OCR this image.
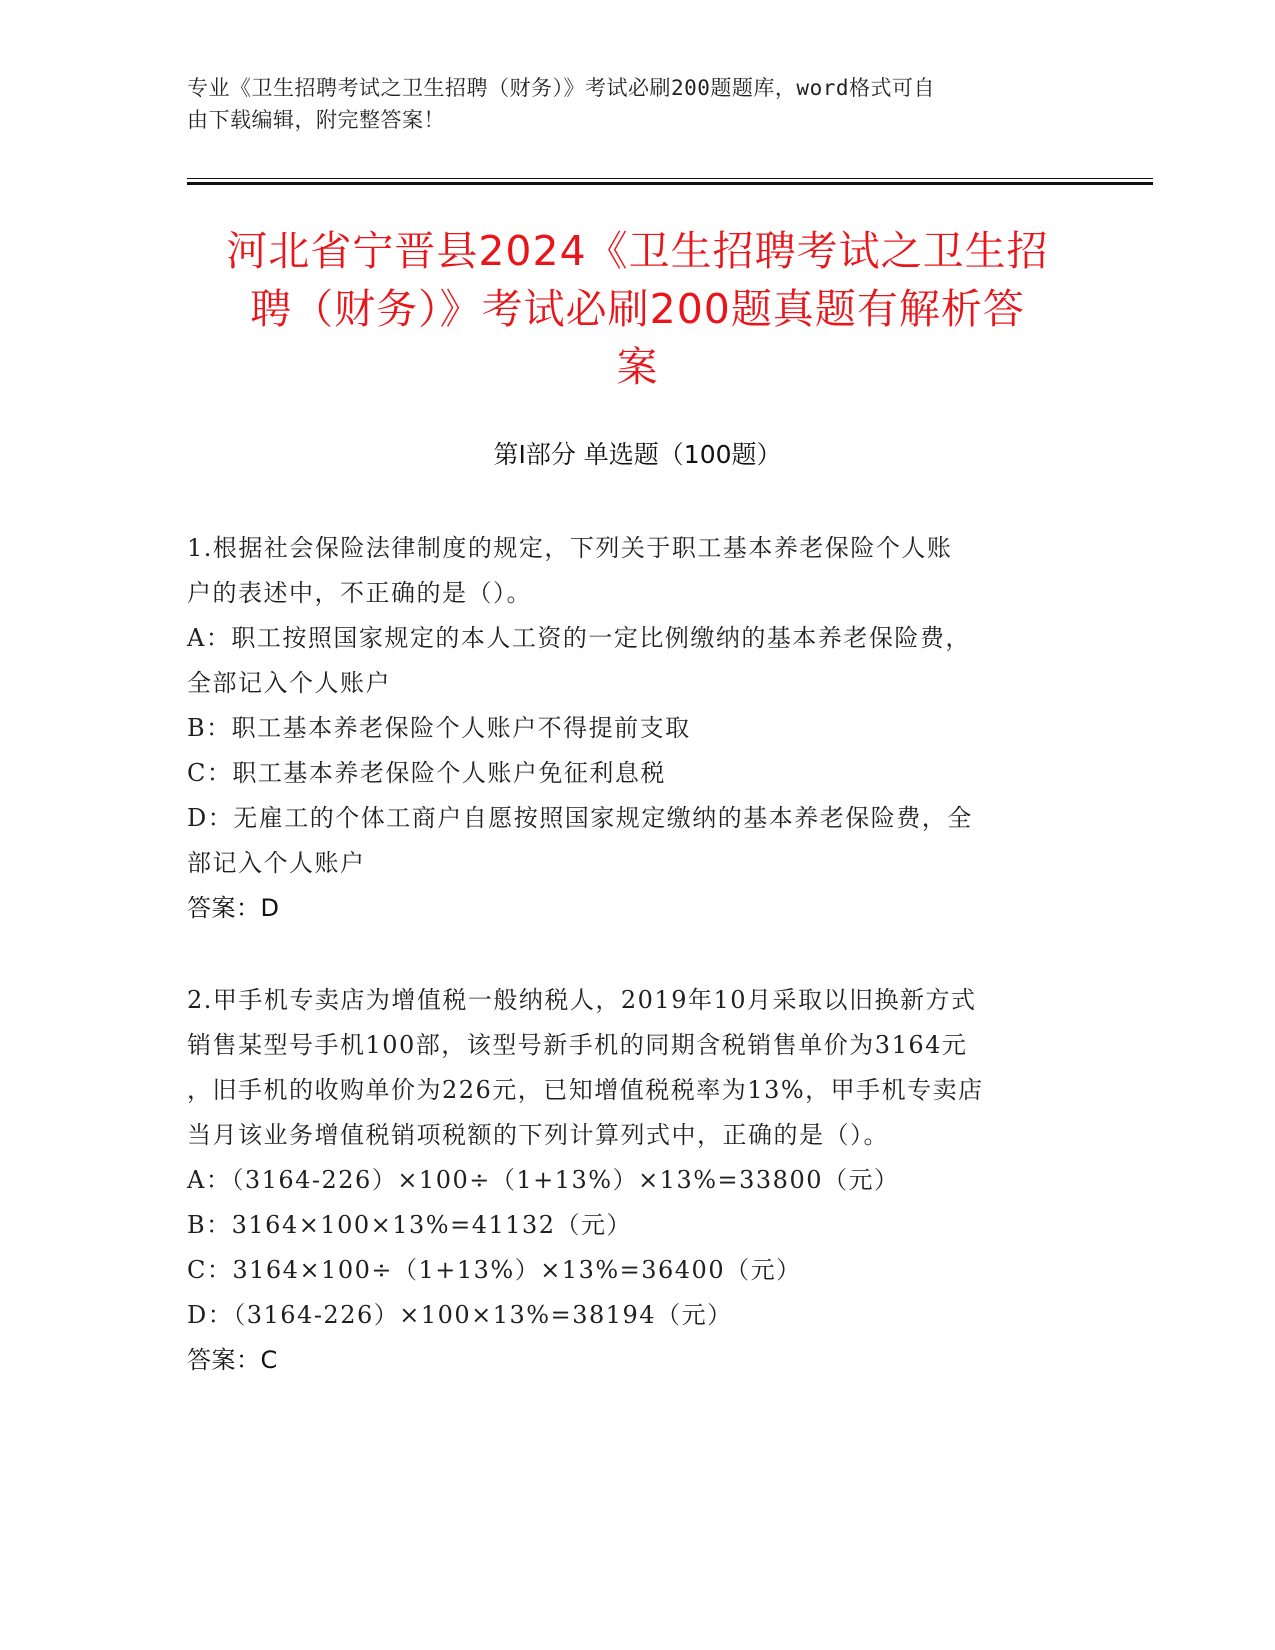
专业《卫生招聘考试之卫生招聘（财务）》考试必刷200题题库，word格式可自
由下载编辑，附完整答案！
河北省宁晋县2024《卫生招聘考试之卫生招
聘（财务）》考试必刷200题真题有解析答
案
第Ⅰ部分 单选题（100题）
1.根据社会保险法律制度的规定，下列关于职工基本养老保险个人账
户的表述中，不正确的是（）。
A：职工按照国家规定的本人工资的一定比例缴纳的基本养老保险费，
全部记入个人账户
B：职工基本养老保险个人账户不得提前支取
C：职工基本养老保险个人账户免征利息税
D：无雇工的个体工商户自愿按照国家规定缴纳的基本养老保险费，全
部记入个人账户
答案：D
2.甲手机专卖店为增值税一般纳税人，2019年10月采取以旧换新方式
销售某型号手机100部，该型号新手机的同期含税销售单价为3164元
，旧手机的收购单价为226元，已知增值税税率为13%，甲手机专卖店
当月该业务增值税销项税额的下列计算列式中，正确的是（）。
A：（3164-226）×100÷（1+13%）×13%=33800（元）
B：3164×100×13%=41132（元）
C：3164×100÷（1+13%）×13%=36400（元）
D：（3164-226）×100×13%=38194（元）
答案：C
